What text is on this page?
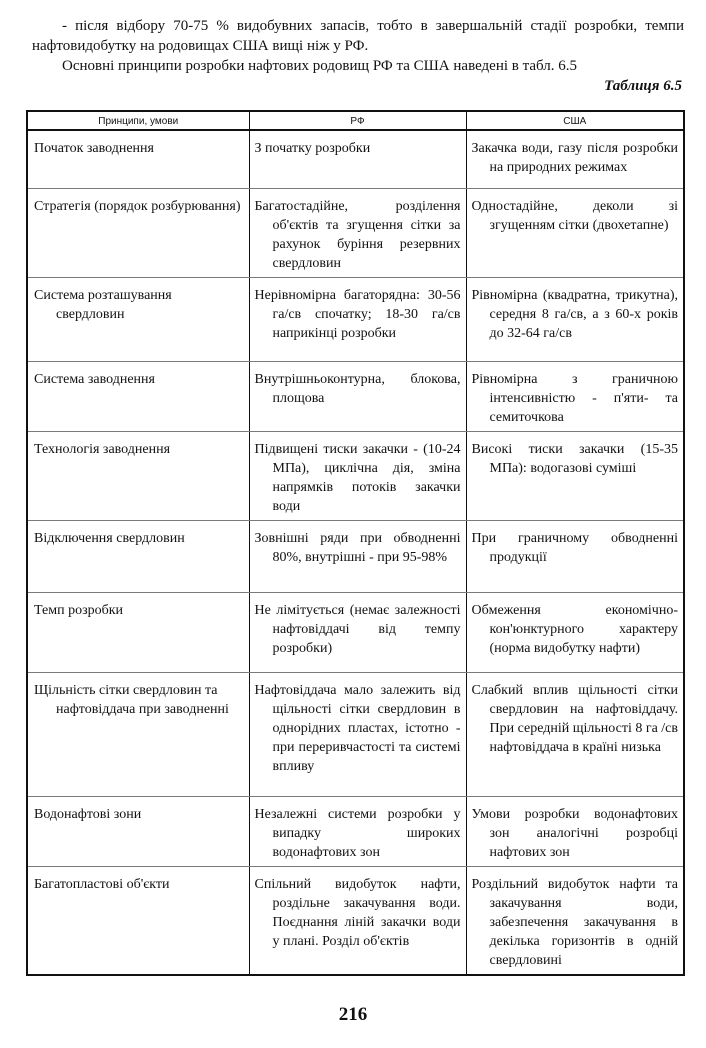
- після відбору 70-75 % видобувних запасів, тобто в завершальній стадії розробки, темпи нафтовидобутку на родовищах США вищі ніж у РФ.

Основні принципи розробки нафтових родовищ РФ та США наведені в табл. 6.5

Таблиця 6.5
Принципи, умови	РФ	США

Початок заводнення	З початку розробки	Закачка води, газу після розробки на природних режимах

Стратегія (порядок розбурювання)	Багатостадійне, розділення об'єктів та згущення сітки за рахунок буріння резервних свердловин	Одностадійне, деколи зі згущенням сітки (двохетапне)

Система розташування свердловин	Нерівномірна багаторядна: 30-56 га/св спочатку; 18-30 га/св наприкінці розробки	Рівномірна (квадратна, трикутна), середня 8 га/св, а з 60-х років до 32-64 га/св

Система заводнення	Внутрішньоконтурна, блокова, площова	Рівномірна з граничною інтенсивністю - п'яти- та семиточкова

Технологія заводнення	Підвищені тиски закачки - (10-24 МПа), циклічна дія, зміна напрямків потоків закачки води	Високі тиски закачки (15-35 МПа): водогазові суміші

Відключення свердловин	Зовнішні ряди при обводненні 80%, внутрішні - при 95-98%	При граничному обводненні продукції

Темп розробки	Не лімітується (немає залежності нафтовіддачі від темпу розробки)	Обмеження економічно-кон'юнктурного характеру (норма видобутку нафти)

Щільність сітки свердловин та нафтовіддача при заводненні	Нафтовіддача мало залежить від щільності сітки свердловин в однорідних пластах, істотно - при переривчастості та системі впливу	Слабкий вплив щільності сітки свердловин на нафтовіддачу. При середній щільності 8 га /св нафтовіддача в країні низька

Водонафтові зони	Незалежні системи розробки у випадку широких водонафтових зон	Умови розробки водонафтових зон аналогічні розробці нафтових зон

Багатопластові об'єкти	Спільний видобуток нафти, роздільне закачування води. Поєднання ліній закачки води у плані. Розділ об'єктів	Роздільний видобуток нафти та закачування води, забезпечення закачування в декілька горизонтів в одній свердловині
216
